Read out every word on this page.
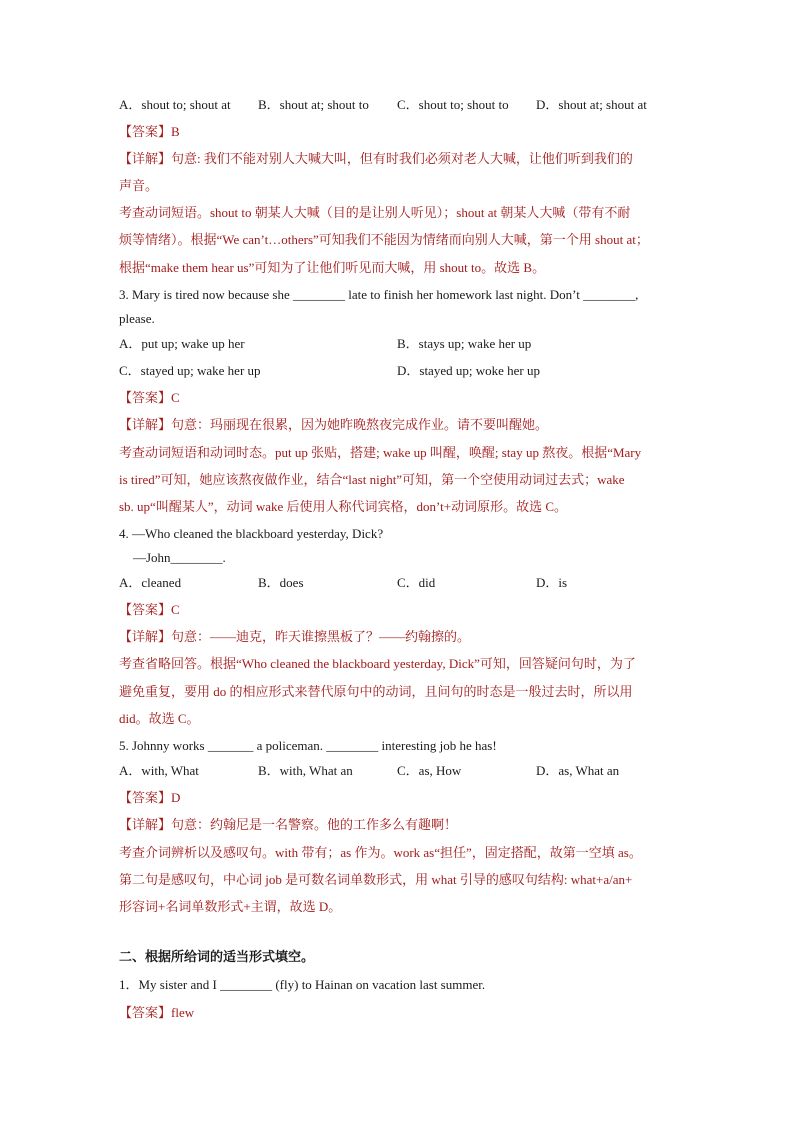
A．shout to; shout at B．shout at; shout to C．shout to; shout to D．shout at; shout at
【答案】B
【详解】句意: 我们不能对别人大喊大叫，但有时我们必须对老人大喊，让他们听到我们的
声音。
考查动词短语。shout to 朝某人大喊（目的是让别人听见）；shout at 朝某人大喊（带有不耐
烦等情绪）。根据“We can’t…others”可知我们不能因为情绪而向别人大喊，第一个用 shout at；
根据“make them hear us”可知为了让他们听见而大喊，用 shout to。故选 B。
3. Mary is tired now because she ________ late to finish her homework last night. Don’t ________,
please.
A．put up; wake up her	B．stays up; wake her up
C．stayed up; wake her up	D．stayed up; woke her up
【答案】C
【详解】句意：玛丽现在很累，因为她昨晚熬夜完成作业。请不要叫醒她。
考查动词短语和动词时态。put up 张贴，搭建; wake up 叫醒，唤醒; stay up 熬夜。根据“Mary
is tired”可知，她应该熬夜做作业，结合“last night”可知，第一个空使用动词过去式；wake
sb. up“叫醒某人”，动词 wake 后使用人称代词宾格，don’t+动词原形。故选 C。
4. —Who cleaned the blackboard yesterday, Dick?
—John________.
A．cleaned	B．does	C．did	D．is
【答案】C
【详解】句意：——迪克，昨天谁擦黑板了？——约翰擦的。
考查省略回答。根据“Who cleaned the blackboard yesterday, Dick”可知，回答疑问句时，为了
避免重复，要用 do 的相应形式来替代原句中的动词，且问句的时态是一般过去时，所以用
did。故选 C。
5. Johnny works _______ a policeman. ________ interesting job he has!
A．with, What	B．with, What an	C．as, How	D．as, What an
【答案】D
【详解】句意：约翰尼是一名警察。他的工作多么有趣啊！
考查介词辨析以及感叹句。with 带有；as 作为。work as“担任”，固定搭配，故第一空填 as。
第二句是感叹句，中心词 job 是可数名词单数形式，用 what 引导的感叹句结构: what+a/an+
形容词+名词单数形式+主谓，故选 D。
二、根据所给词的适当形式填空。
1．My sister and I ________ (fly) to Hainan on vacation last summer.
【答案】flew
